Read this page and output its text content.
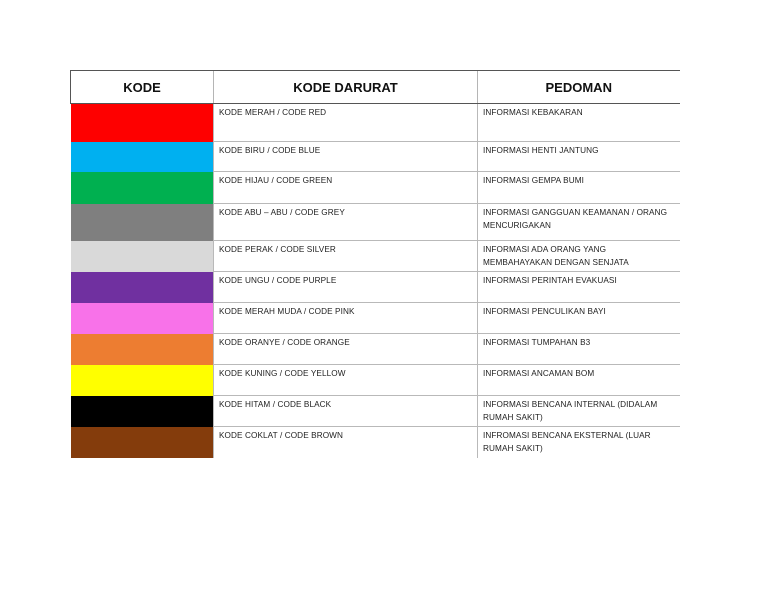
KODE	KODE DARURAT	PEDOMAN
	KODE MERAH / CODE RED	INFORMASI KEBAKARAN
	KODE BIRU / CODE BLUE	INFORMASI HENTI JANTUNG
	KODE HIJAU / CODE GREEN	INFORMASI GEMPA BUMI
	KODE ABU – ABU / CODE GREY	INFORMASI GANGGUAN KEAMANAN / ORANG MENCURIGAKAN
	KODE PERAK / CODE SILVER	INFORMASI ADA ORANG YANG MEMBAHAYAKAN DENGAN SENJATA
	KODE UNGU / CODE PURPLE	INFORMASI PERINTAH EVAKUASI
	KODE MERAH MUDA / CODE PINK	INFORMASI PENCULIKAN BAYI
	KODE ORANYE / CODE ORANGE	INFORMASI TUMPAHAN B3
	KODE KUNING / CODE YELLOW	INFORMASI ANCAMAN BOM
	KODE HITAM / CODE BLACK	INFORMASI BENCANA INTERNAL (DIDALAM RUMAH SAKIT)
	KODE COKLAT / CODE BROWN	INFROMASI BENCANA EKSTERNAL (LUAR RUMAH SAKIT)
